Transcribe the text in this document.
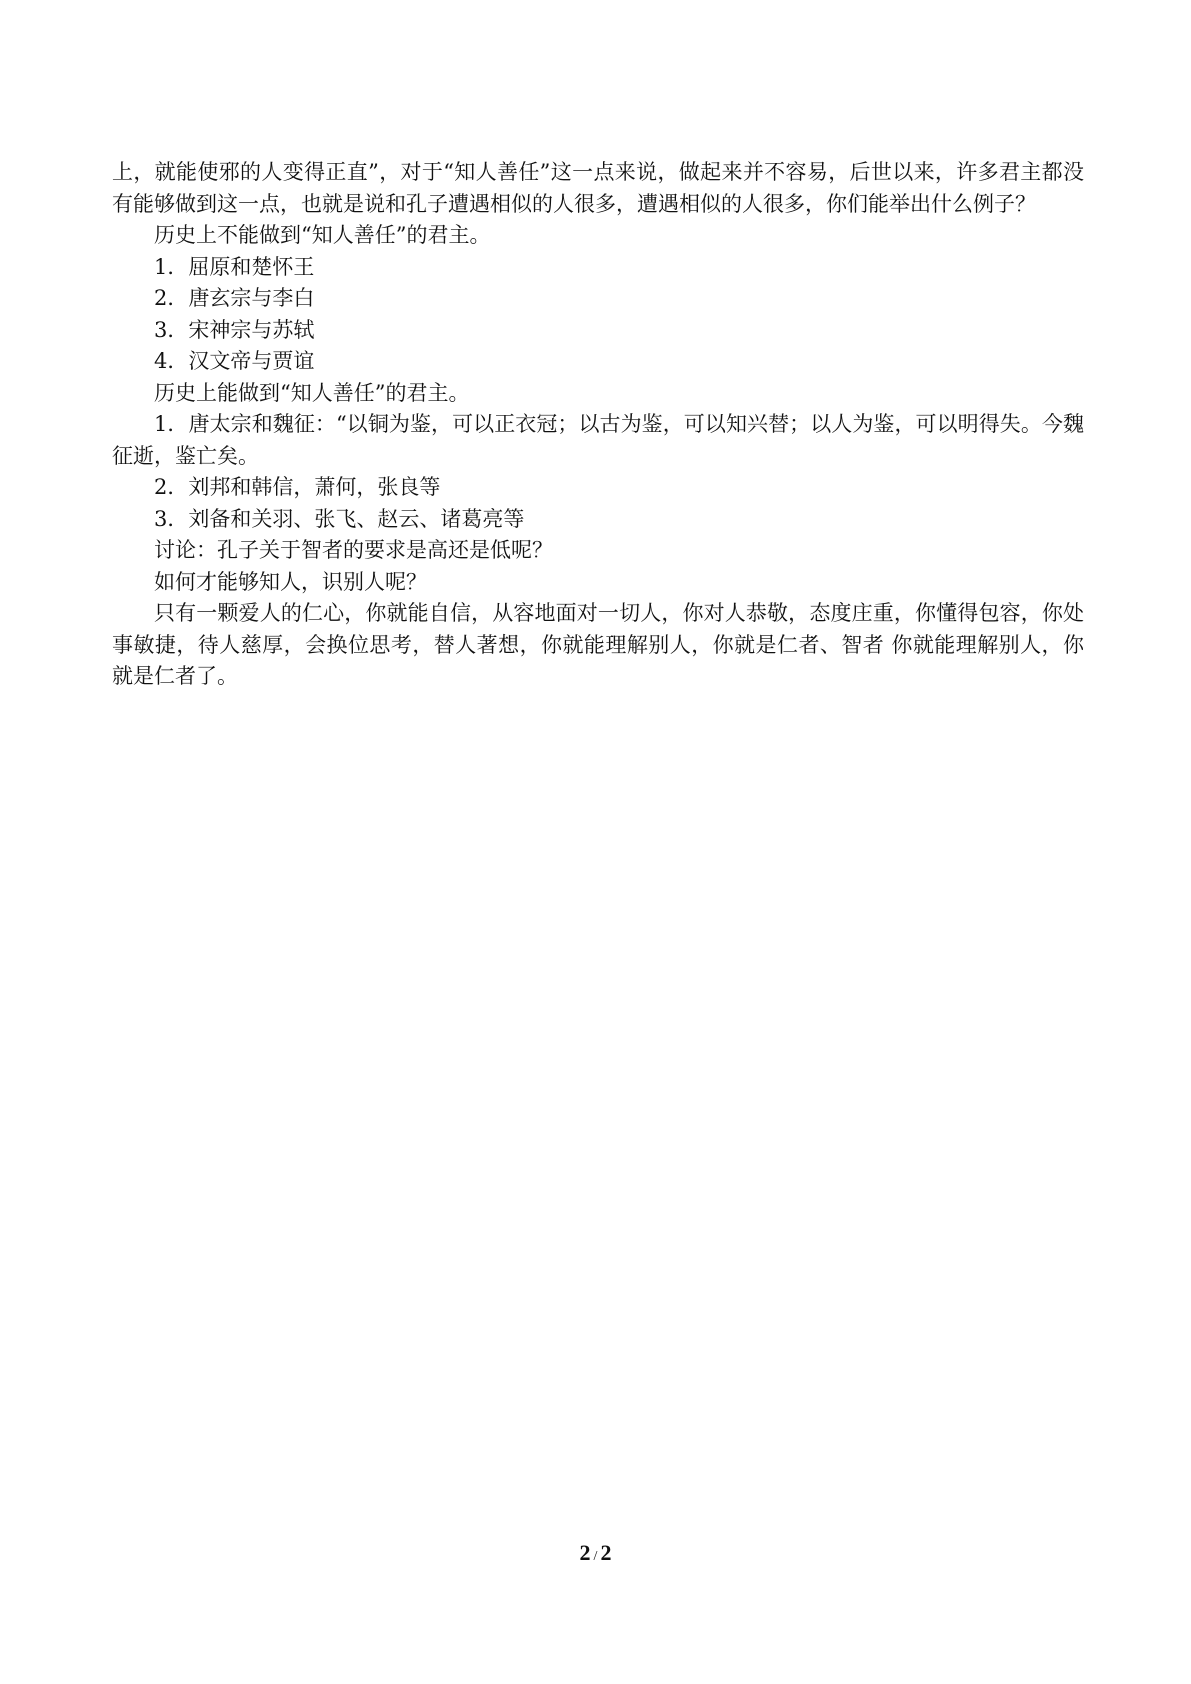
上，就能使邪的人变得正直”，对于“知人善任”这一点来说，做起来并不容易，后世以来，许多君主都没有能够做到这一点，也就是说和孔子遭遇相似的人很多，遭遇相似的人很多，你们能举出什么例子？

历史上不能做到“知人善任”的君主。

1．屈原和楚怀王

2．唐玄宗与李白

3．宋神宗与苏轼

4．汉文帝与贾谊

历史上能做到“知人善任”的君主。

1．唐太宗和魏征：“以铜为鉴，可以正衣冠；以古为鉴，可以知兴替；以人为鉴，可以明得失。今魏征逝，鉴亡矣。

2．刘邦和韩信，萧何，张良等

3．刘备和关羽、张飞、赵云、诸葛亮等

讨论：孔子关于智者的要求是高还是低呢？

如何才能够知人，识别人呢？

只有一颗爱人的仁心，你就能自信，从容地面对一切人，你对人恭敬，态度庄重，你懂得包容，你处事敏捷，待人慈厚，会换位思考，替人著想，你就能理解别人，你就是仁者、智者 你就能理解别人，你就是仁者了。

2 / 2
